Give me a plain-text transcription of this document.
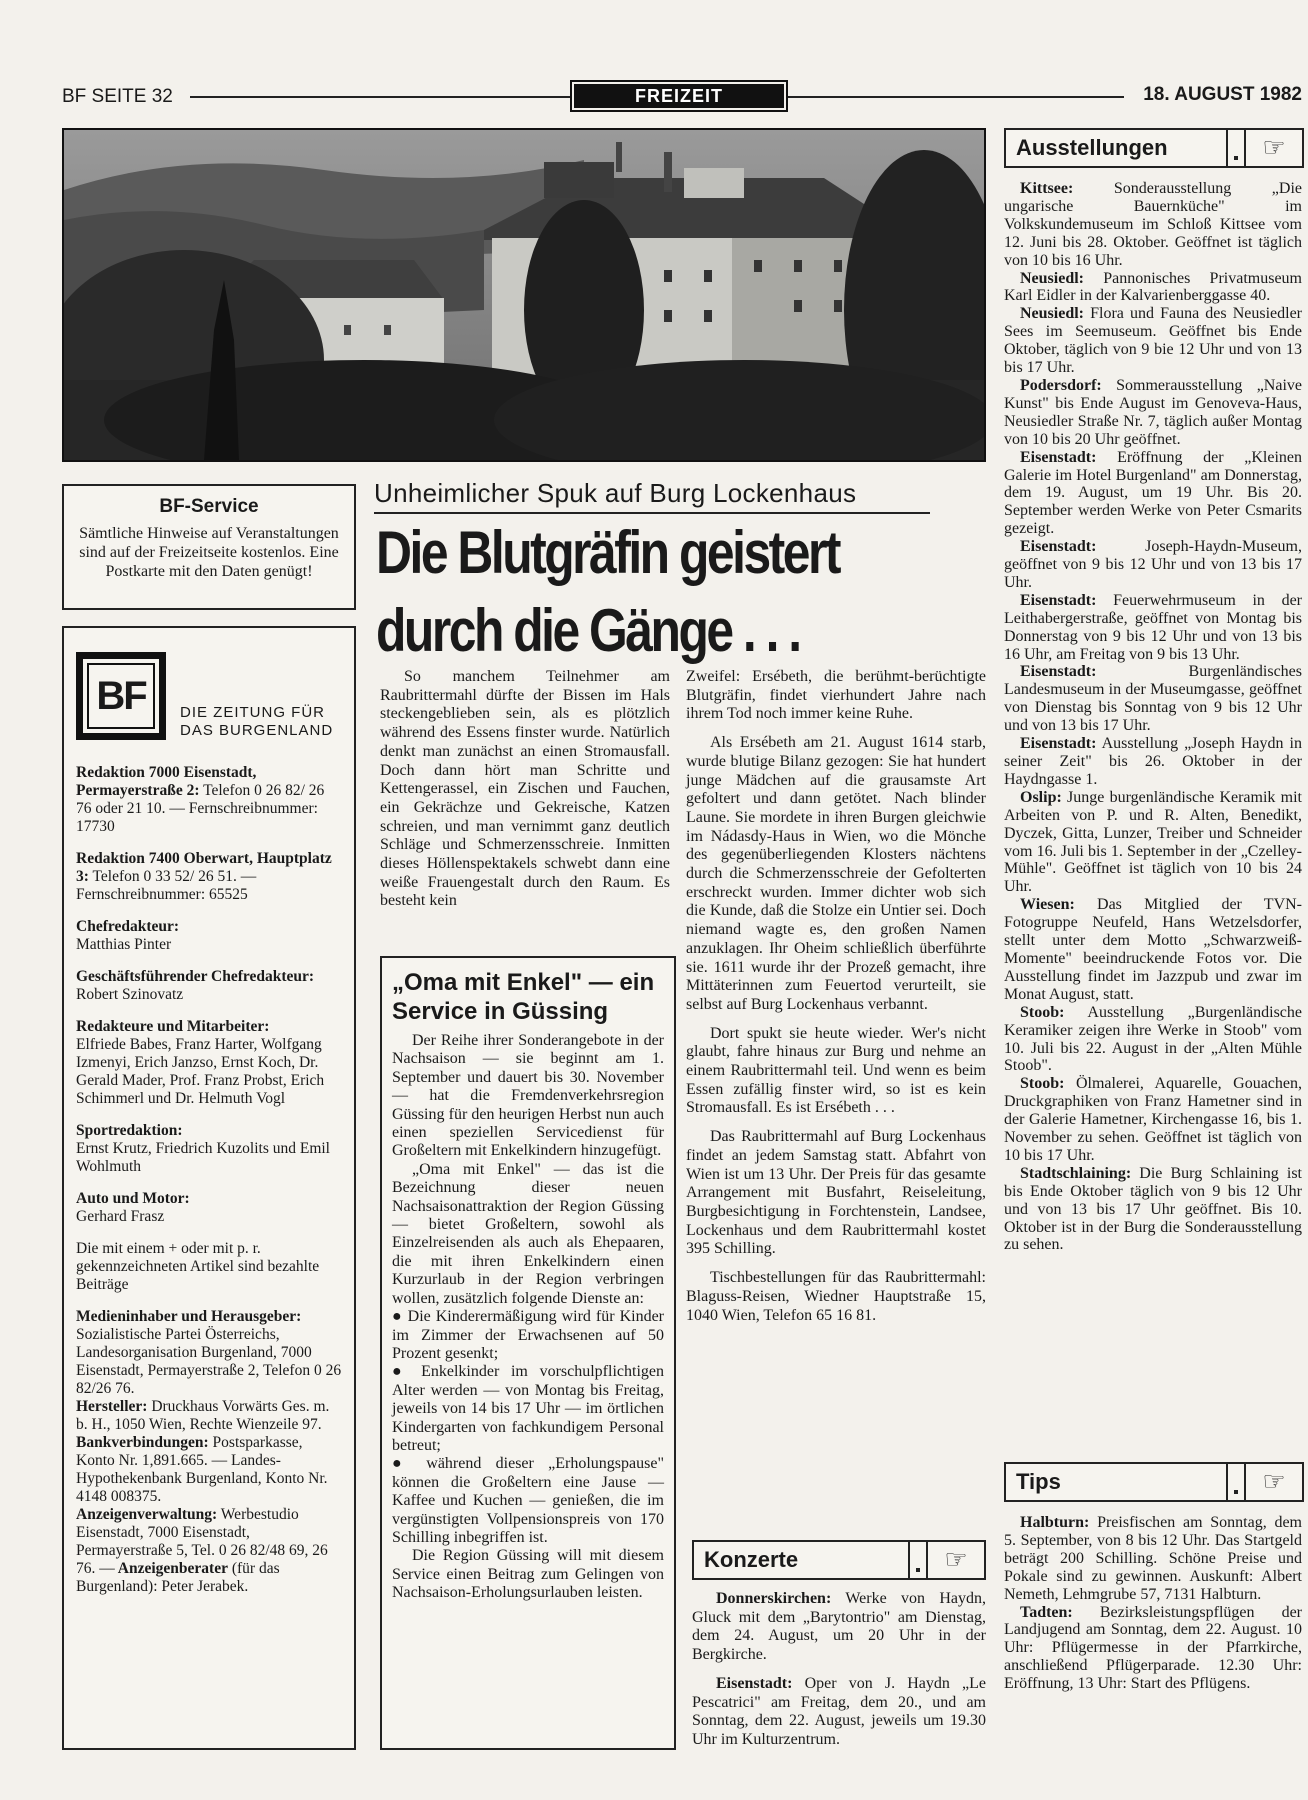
BF SEITE 32	FREIZEIT	18. AUGUST 1982
BF-Service

Sämtliche Hinweise auf Veranstaltungen sind auf der Freizeitseite kostenlos. Eine Postkarte mit den Daten genügt!

BF	DIE ZEITUNG FÜR
DAS BURGENLAND
Redaktion 7000 Eisenstadt, Permayerstraße 2: Telefon 0 26 82/ 26 76 oder 21 10. — Fernschreibnummer: 17730
Redaktion 7400 Oberwart, Hauptplatz 3: Telefon 0 33 52/ 26 51. — Fernschreibnummer: 65525
Chefredakteur:
Matthias Pinter
Geschäftsführender Chefredakteur:
Robert Szinovatz
Redakteure und Mitarbeiter:
Elfriede Babes, Franz Harter, Wolfgang Izmenyi, Erich Janzso, Ernst Koch, Dr. Gerald Mader, Prof. Franz Probst, Erich Schimmerl und Dr. Helmuth Vogl
Sportredaktion:
Ernst Krutz, Friedrich Kuzolits und Emil Wohlmuth
Auto und Motor:
Gerhard Frasz
Die mit einem + oder mit p. r. gekennzeichneten Artikel sind bezahlte Beiträge
Medieninhaber und Herausgeber: Sozialistische Partei Österreichs, Landesorganisation Burgenland, 7000 Eisenstadt, Permayerstraße 2, Telefon 0 26 82/26 76.
Hersteller: Druckhaus Vorwärts Ges. m. b. H., 1050 Wien, Rechte Wienzeile 97.
Bankverbindungen: Postsparkasse, Konto Nr. 1,891.665. — Landes-Hypothekenbank Burgenland, Konto Nr. 4148 008375.
Anzeigenverwaltung: Werbestudio Eisenstadt, 7000 Eisenstadt, Permayerstraße 5, Tel. 0 26 82/48 69, 26 76. — Anzeigenberater (für das Burgenland): Peter Jerabek.
Unheimlicher Spuk auf Burg Lockenhaus
Die Blutgräfin geistert
durch die Gänge . . .

So manchem Teilnehmer am Raubrittermahl dürfte der Bissen im Hals steckengeblieben sein, als es plötzlich während des Essens finster wurde. Natürlich denkt man zunächst an einen Stromausfall. Doch dann hört man Schritte und Kettengerassel, ein Zischen und Fauchen, ein Gekrächze und Gekreische, Katzen schreien, und man vernimmt ganz deutlich Schläge und Schmerzensschreie. Inmitten dieses Höllenspektakels schwebt dann eine weiße Frauengestalt durch den Raum. Es besteht kein

Zweifel: Ersébeth, die berühmt-berüchtigte Blutgräfin, findet vierhundert Jahre nach ihrem Tod noch immer keine Ruhe.

Als Ersébeth am 21. August 1614 starb, wurde blutige Bilanz gezogen: Sie hat hundert junge Mädchen auf die grausamste Art gefoltert und dann getötet. Nach blinder Laune. Sie mordete in ihren Burgen gleichwie im Nádasdy-Haus in Wien, wo die Mönche des gegenüberliegenden Klosters nächtens durch die Schmerzensschreie der Gefolterten erschreckt wurden. Immer dichter wob sich die Kunde, daß die Stolze ein Untier sei. Doch niemand wagte es, den großen Namen anzuklagen. Ihr Oheim schließlich überführte sie. 1611 wurde ihr der Prozeß gemacht, ihre Mittäterinnen zum Feuertod verurteilt, sie selbst auf Burg Lockenhaus verbannt.

Dort spukt sie heute wieder. Wer's nicht glaubt, fahre hinaus zur Burg und nehme an einem Raubrittermahl teil. Und wenn es beim Essen zufällig finster wird, so ist es kein Stromausfall. Es ist Ersébeth . . .

Das Raubrittermahl auf Burg Lockenhaus findet an jedem Samstag statt. Abfahrt von Wien ist um 13 Uhr. Der Preis für das gesamte Arrangement mit Busfahrt, Reiseleitung, Burgbesichtigung in Forchtenstein, Landsee, Lockenhaus und dem Raubrittermahl kostet 395 Schilling.

Tischbestellungen für das Raubrittermahl: Blaguss-Reisen, Wiedner Hauptstraße 15, 1040 Wien, Telefon 65 16 81.

„Oma mit Enkel" — ein Service in Güssing

Der Reihe ihrer Sonderangebote in der Nachsaison — sie beginnt am 1. September und dauert bis 30. November — hat die Fremdenverkehrsregion Güssing für den heurigen Herbst nun auch einen speziellen Servicedienst für Großeltern mit Enkelkindern hinzugefügt.

„Oma mit Enkel" — das ist die Bezeichnung dieser neuen Nachsaisonattraktion der Region Güssing — bietet Großeltern, sowohl als Einzelreisenden als auch als Ehepaaren, die mit ihren Enkelkindern einen Kurzurlaub in der Region verbringen wollen, zusätzlich folgende Dienste an:

● Die Kinderermäßigung wird für Kinder im Zimmer der Erwachsenen auf 50 Prozent gesenkt;

● Enkelkinder im vorschulpflichtigen Alter werden — von Montag bis Freitag, jeweils von 14 bis 17 Uhr — im örtlichen Kindergarten von fachkundigem Personal betreut;

● während dieser „Erholungspause" können die Großeltern eine Jause — Kaffee und Kuchen — genießen, die im vergünstigten Vollpensionspreis von 170 Schilling inbegriffen ist.

Die Region Güssing will mit diesem Service einen Beitrag zum Gelingen von Nachsaison-Erholungsurlauben leisten.

Konzerte	☞

Donnerskirchen: Werke von Haydn, Gluck mit dem „Barytontrio" am Dienstag, dem 24. August, um 20 Uhr in der Bergkirche.

Eisenstadt: Oper von J. Haydn „Le Pescatrici" am Freitag, dem 20., und am Sonntag, dem 22. August, jeweils um 19.30 Uhr im Kulturzentrum.

Ausstellungen	☞

Kittsee: Sonderausstellung „Die ungarische Bauernküche" im Volkskundemuseum im Schloß Kittsee vom 12. Juni bis 28. Oktober. Geöffnet ist täglich von 10 bis 16 Uhr.

Neusiedl: Pannonisches Privatmuseum Karl Eidler in der Kalvarienberggasse 40.

Neusiedl: Flora und Fauna des Neusiedler Sees im Seemuseum. Geöffnet bis Ende Oktober, täglich von 9 bie 12 Uhr und von 13 bis 17 Uhr.

Podersdorf: Sommerausstellung „Naive Kunst" bis Ende August im Genoveva-Haus, Neusiedler Straße Nr. 7, täglich außer Montag von 10 bis 20 Uhr geöffnet.

Eisenstadt: Eröffnung der „Kleinen Galerie im Hotel Burgenland" am Donnerstag, dem 19. August, um 19 Uhr. Bis 20. September werden Werke von Peter Csmarits gezeigt.

Eisenstadt: Joseph-Haydn-Museum, geöffnet von 9 bis 12 Uhr und von 13 bis 17 Uhr.

Eisenstadt: Feuerwehrmuseum in der Leithabergerstraße, geöffnet von Montag bis Donnerstag von 9 bis 12 Uhr und von 13 bis 16 Uhr, am Freitag von 9 bis 13 Uhr.

Eisenstadt: Burgenländisches Landesmuseum in der Museumgasse, geöffnet von Dienstag bis Sonntag von 9 bis 12 Uhr und von 13 bis 17 Uhr.

Eisenstadt: Ausstellung „Joseph Haydn in seiner Zeit" bis 26. Oktober in der Haydngasse 1.

Oslip: Junge burgenländische Keramik mit Arbeiten von P. und R. Alten, Benedikt, Dyczek, Gitta, Lunzer, Treiber und Schneider vom 16. Juli bis 1. September in der „Czelley-Mühle". Geöffnet ist täglich von 10 bis 24 Uhr.

Wiesen: Das Mitglied der TVN-Fotogruppe Neufeld, Hans Wetzelsdorfer, stellt unter dem Motto „Schwarzweiß-Momente" beeindruckende Fotos vor. Die Ausstellung findet im Jazzpub und zwar im Monat August, statt.

Stoob: Ausstellung „Burgenländische Keramiker zeigen ihre Werke in Stoob" vom 10. Juli bis 22. August in der „Alten Mühle Stoob".

Stoob: Ölmalerei, Aquarelle, Gouachen, Druckgraphiken von Franz Hametner sind in der Galerie Hametner, Kirchengasse 16, bis 1. November zu sehen. Geöffnet ist täglich von 10 bis 17 Uhr.

Stadtschlaining: Die Burg Schlaining ist bis Ende Oktober täglich von 9 bis 12 Uhr und von 13 bis 17 Uhr geöffnet. Bis 10. Oktober ist in der Burg die Sonderausstellung zu sehen.

Tips	☞

Halbturn: Preisfischen am Sonntag, dem 5. September, von 8 bis 12 Uhr. Das Startgeld beträgt 200 Schilling. Schöne Preise und Pokale sind zu gewinnen. Auskunft: Albert Nemeth, Lehmgrube 57, 7131 Halbturn.

Tadten: Bezirksleistungspflügen der Landjugend am Sonntag, dem 22. August. 10 Uhr: Pflügermesse in der Pfarrkirche, anschließend Pflügerparade. 12.30 Uhr: Eröffnung, 13 Uhr: Start des Pflügens.
